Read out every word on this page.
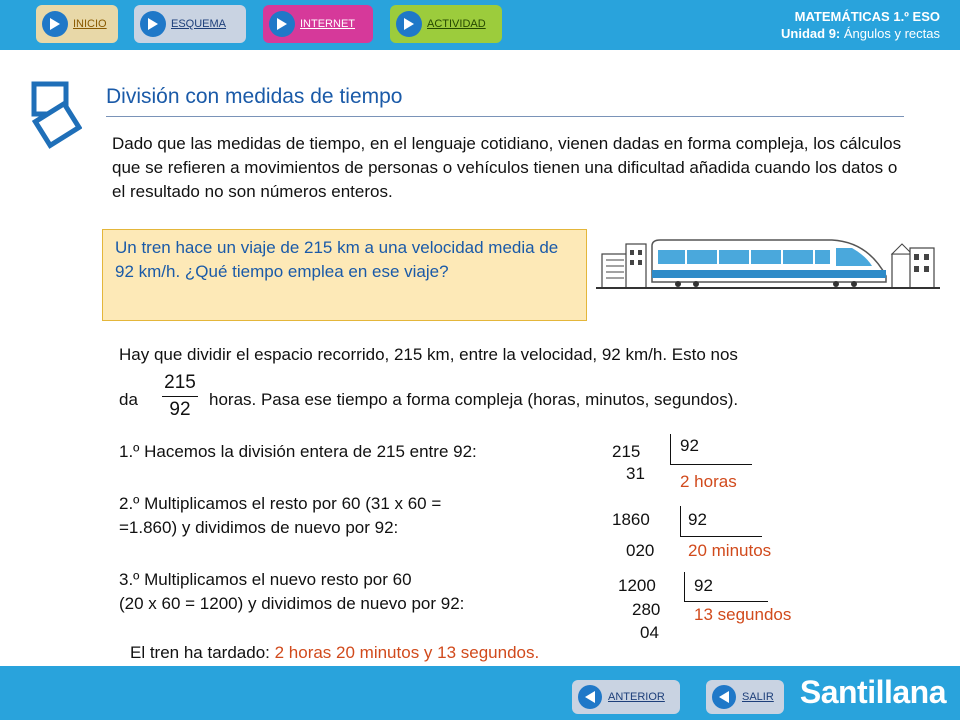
INICIO	ESQUEMA	INTERNET	ACTIVIDAD	MATEMÁTICAS 1.º ESO
Unidad 9: Ángulos y rectas
División con medidas de tiempo
Dado que las medidas de tiempo, en el lenguaje cotidiano, vienen dadas en forma compleja, los cálculos que se refieren a movimientos de personas o vehículos tienen una dificultad añadida cuando los datos o el resultado no son números enteros.
Un tren hace un viaje de 215 km a una velocidad media de 92 km/h. ¿Qué tiempo emplea en ese viaje?
Hay que dividir el espacio recorrido, 215 km, entre la velocidad, 92 km/h. Esto nos
da
215
92	horas. Pasa ese tiempo a forma compleja (horas, minutos, segundos).
1.º Hacemos la división entera de 215 entre 92:	215 92
31 2 horas
2.º Multiplicamos el resto por 60 (31 x 60 =
=1.860) y dividimos de nuevo por 92:	1860 92
020 20 minutos
3.º Multiplicamos el nuevo resto por 60
(20 x 60 = 1200) y dividimos de nuevo por 92:
1200 92
280 13 segundos
04
El tren ha tardado: 2 horas 20 minutos y 13 segundos.
ANTERIOR	SALIR Santillana
